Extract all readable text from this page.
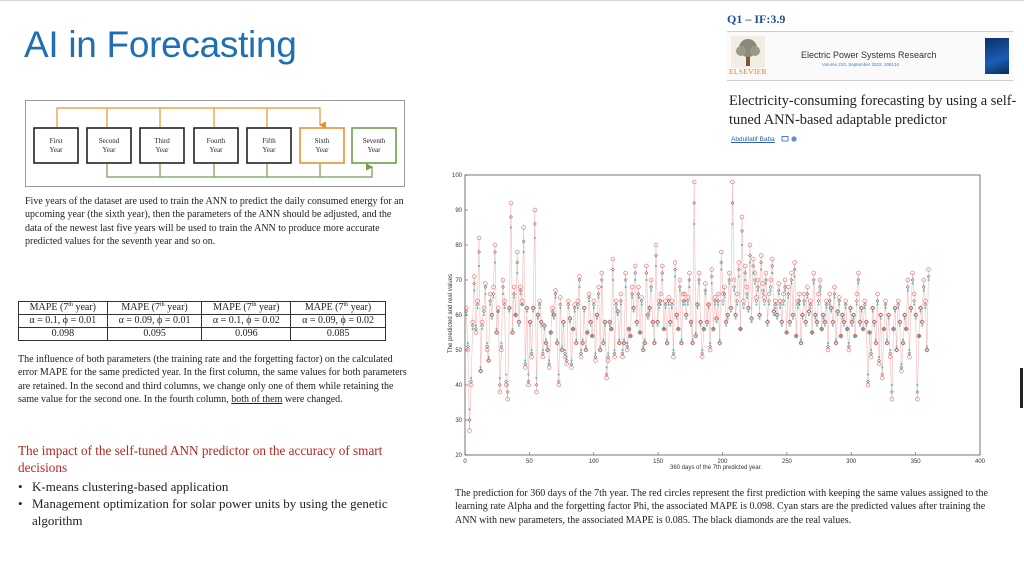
AI in Forecasting
First
Year
Second
Year
Third
Year
Fourth
Year
Fifth
Year
Sixth
Year
Seventh
Year

Five years of the dataset are used to train the ANN to predict the daily consumed energy for an upcoming year (the sixth year), then the parameters of the ANN should be adjusted, and the data of the newest last five years will be used to train the ANN to produce more accurate predicted values for the seventh year and so on.

MAPE (7th year)	MAPE (7th year)	MAPE (7th year)	MAPE (7th year)
α = 0.1, ϕ = 0.01	α = 0.09, ϕ = 0.01	α = 0.1, ϕ = 0.02	α = 0.09, ϕ = 0.02
0.098	0.095	0.096	0.085

The influence of both parameters (the training rate and the forgetting factor) on the calculated error MAPE for the same predicted year. In the first column, the same values for both parameters are retained. In the second and third columns, we change only one of them while retaining the same value for the second one. In the fourth column, both of them were changed.

The impact of the self-tuned ANN predictor on the accuracy of smart decisions
• K-means clustering-based application
• Management optimization for solar power units by using the genetic algorithm

Q1 – IF:3.9

ELSEVIER
Electric Power Systems Research
Volume 210, September 2022, 108134
Electricity-consuming forecasting by using a self-tuned ANN-based adaptable predictor
Abdullatif Baba
0	50	100	150	200	250	300	350	400
20
30
40
50
60
70
80
90
100
The predicted and real values
360 days of the 7th predicted year.

The prediction for 360 days of the 7th year. The red circles represent the first prediction with keeping the same values assigned to the learning rate Alpha and the forgetting factor Phi, the associated MAPE is 0.098. Cyan stars are the predicted values after training the ANN with new parameters, the associated MAPE is 0.085. The black diamonds are the real values.
